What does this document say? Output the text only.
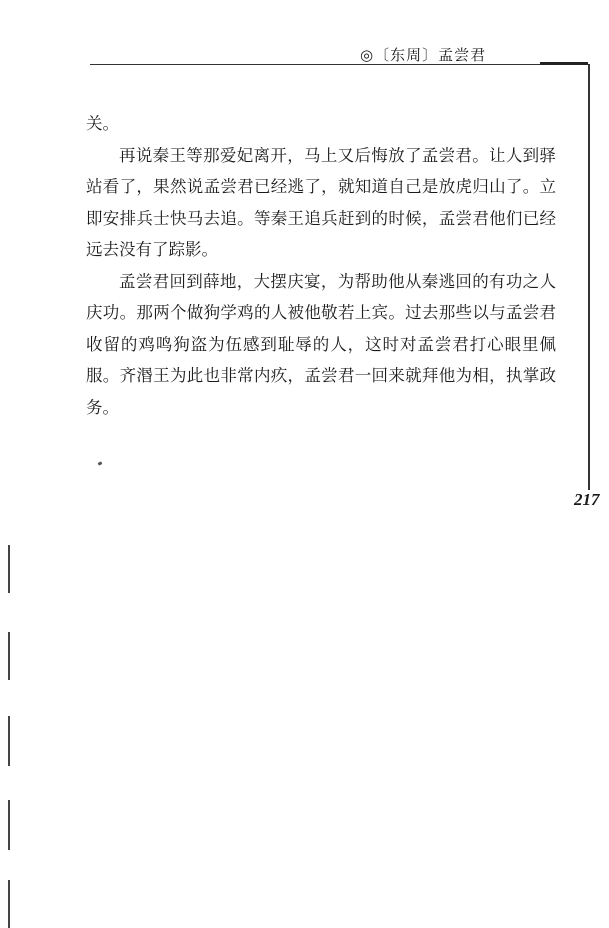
◎〔东周〕孟尝君

关。

再说秦王等那爱妃离开，马上又后悔放了孟尝君。让人到驿站看了，果然说孟尝君已经逃了，就知道自己是放虎归山了。立即安排兵士快马去追。等秦王追兵赶到的时候，孟尝君他们已经远去没有了踪影。

孟尝君回到薛地，大摆庆宴，为帮助他从秦逃回的有功之人庆功。那两个做狗学鸡的人被他敬若上宾。过去那些以与孟尝君收留的鸡鸣狗盗为伍感到耻辱的人，这时对孟尝君打心眼里佩服。齐湣王为此也非常内疚，孟尝君一回来就拜他为相，执掌政务。

217
